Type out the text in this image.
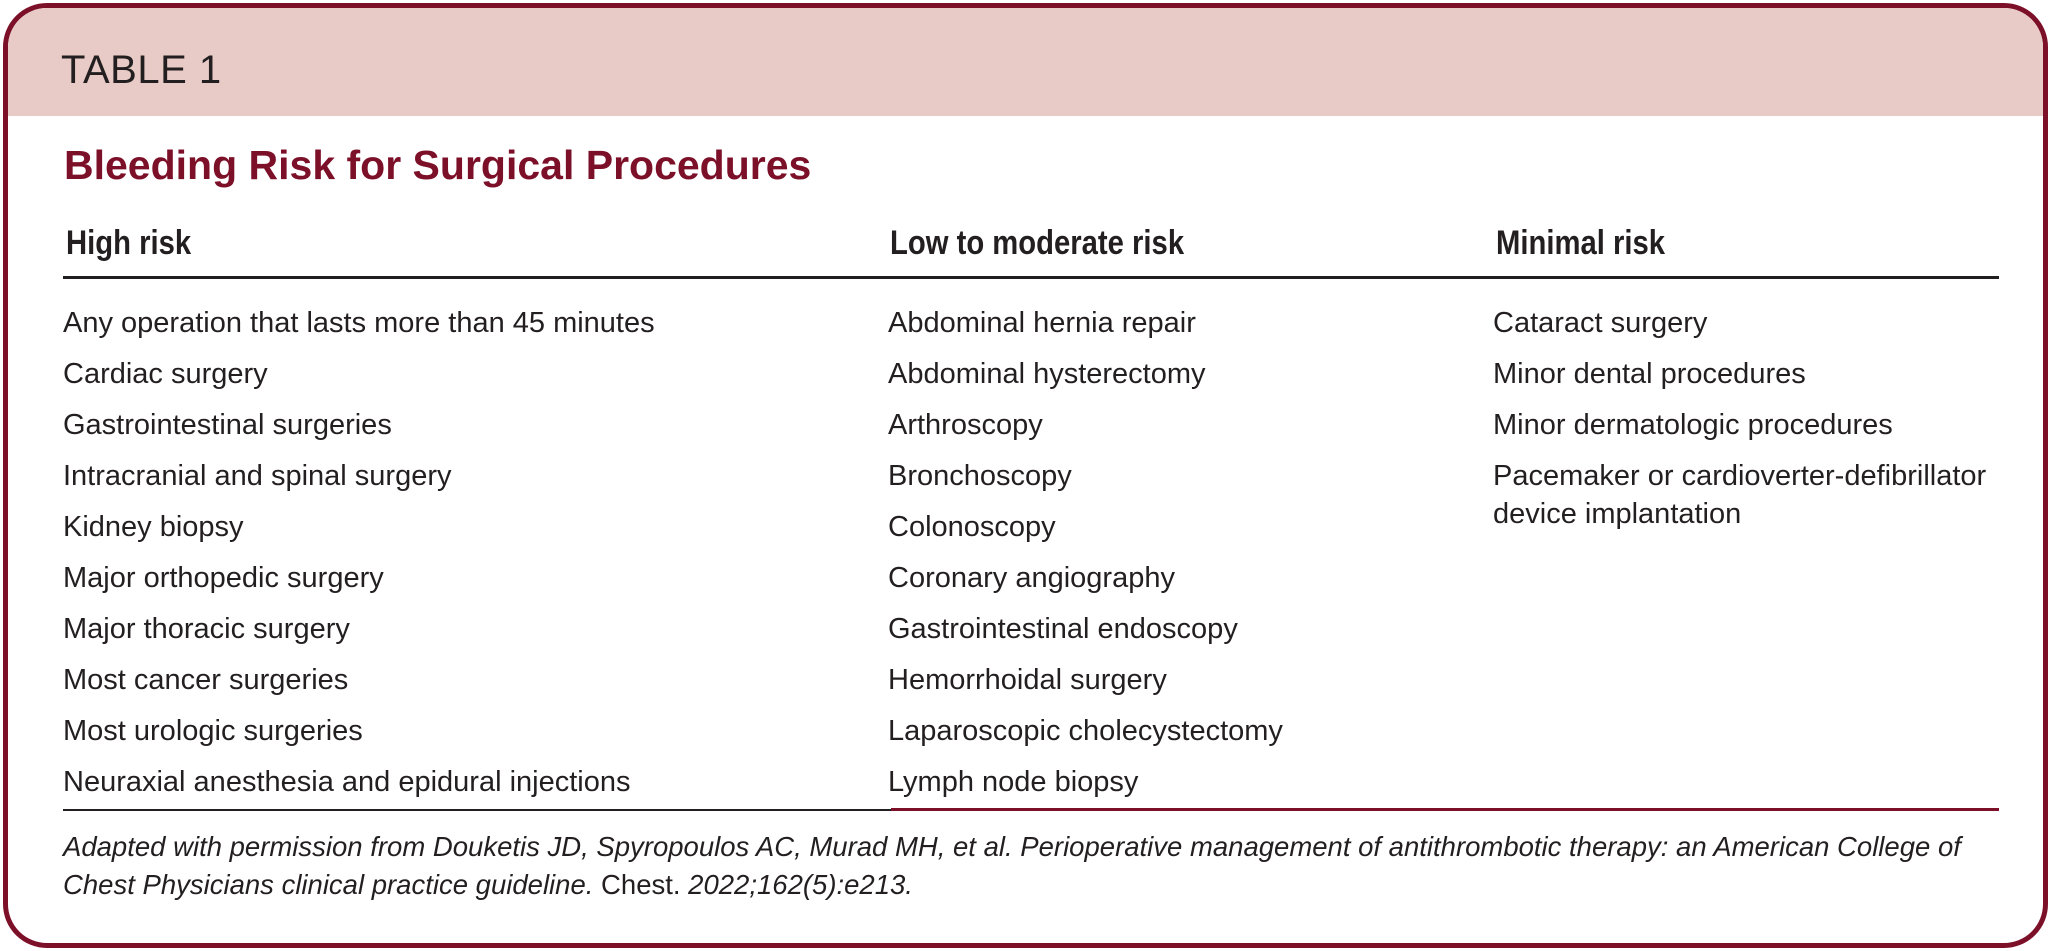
TABLE 1
Bleeding Risk for Surgical Procedures
High risk	Low to moderate risk	Minimal risk
Any operation that lasts more than 45 minutes
Cardiac surgery
Gastrointestinal surgeries
Intracranial and spinal surgery
Kidney biopsy
Major orthopedic surgery
Major thoracic surgery
Most cancer surgeries
Most urologic surgeries
Neuraxial anesthesia and epidural injections
Abdominal hernia repair
Abdominal hysterectomy
Arthroscopy
Bronchoscopy
Colonoscopy
Coronary angiography
Gastrointestinal endoscopy
Hemorrhoidal surgery
Laparoscopic cholecystectomy
Lymph node biopsy
Cataract surgery
Minor dental procedures
Minor dermatologic procedures
Pacemaker or cardioverter-defibrillator device implantation
Adapted with permission from Douketis JD, Spyropoulos AC, Murad MH, et al. Perioperative management of antithrombotic therapy: an American College of Chest Physicians clinical practice guideline. Chest. 2022;162(5):e213.
